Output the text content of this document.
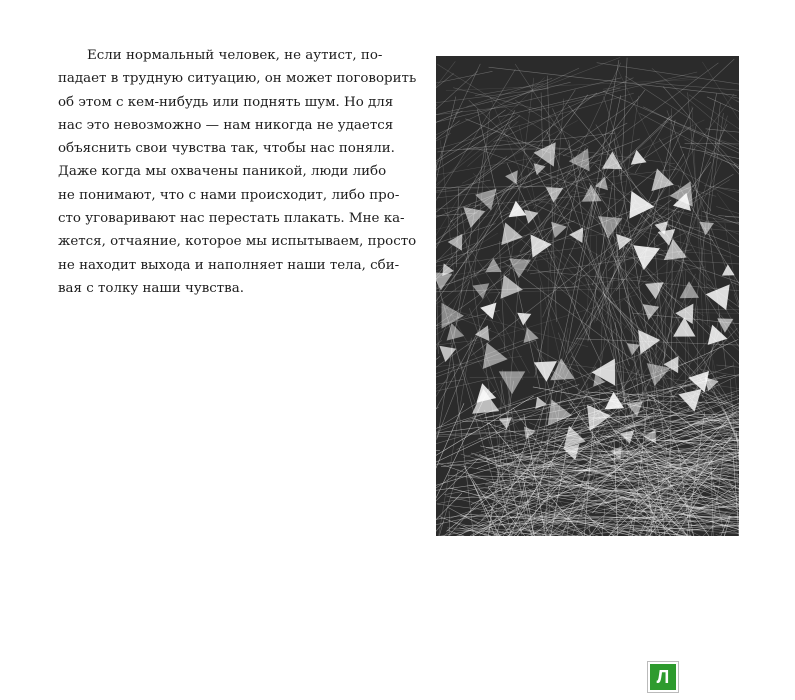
Если нормальный человек, не аутист, по-
падает в трудную ситуацию, он может поговорить
об этом с кем-нибудь или поднять шум. Но для
нас это невозможно — нам никогда не удается
объяснить свои чувства так, чтобы нас поняли.
Даже когда мы охвачены паникой, люди либо
не понимают, что с нами происходит, либо про-
сто уговаривают нас перестать плакать. Мне ка-
жется, отчаяние, которое мы испытываем, просто
не находит выхода и наполняет наши тела, сби-
вая с толку наши чувства.
Л
